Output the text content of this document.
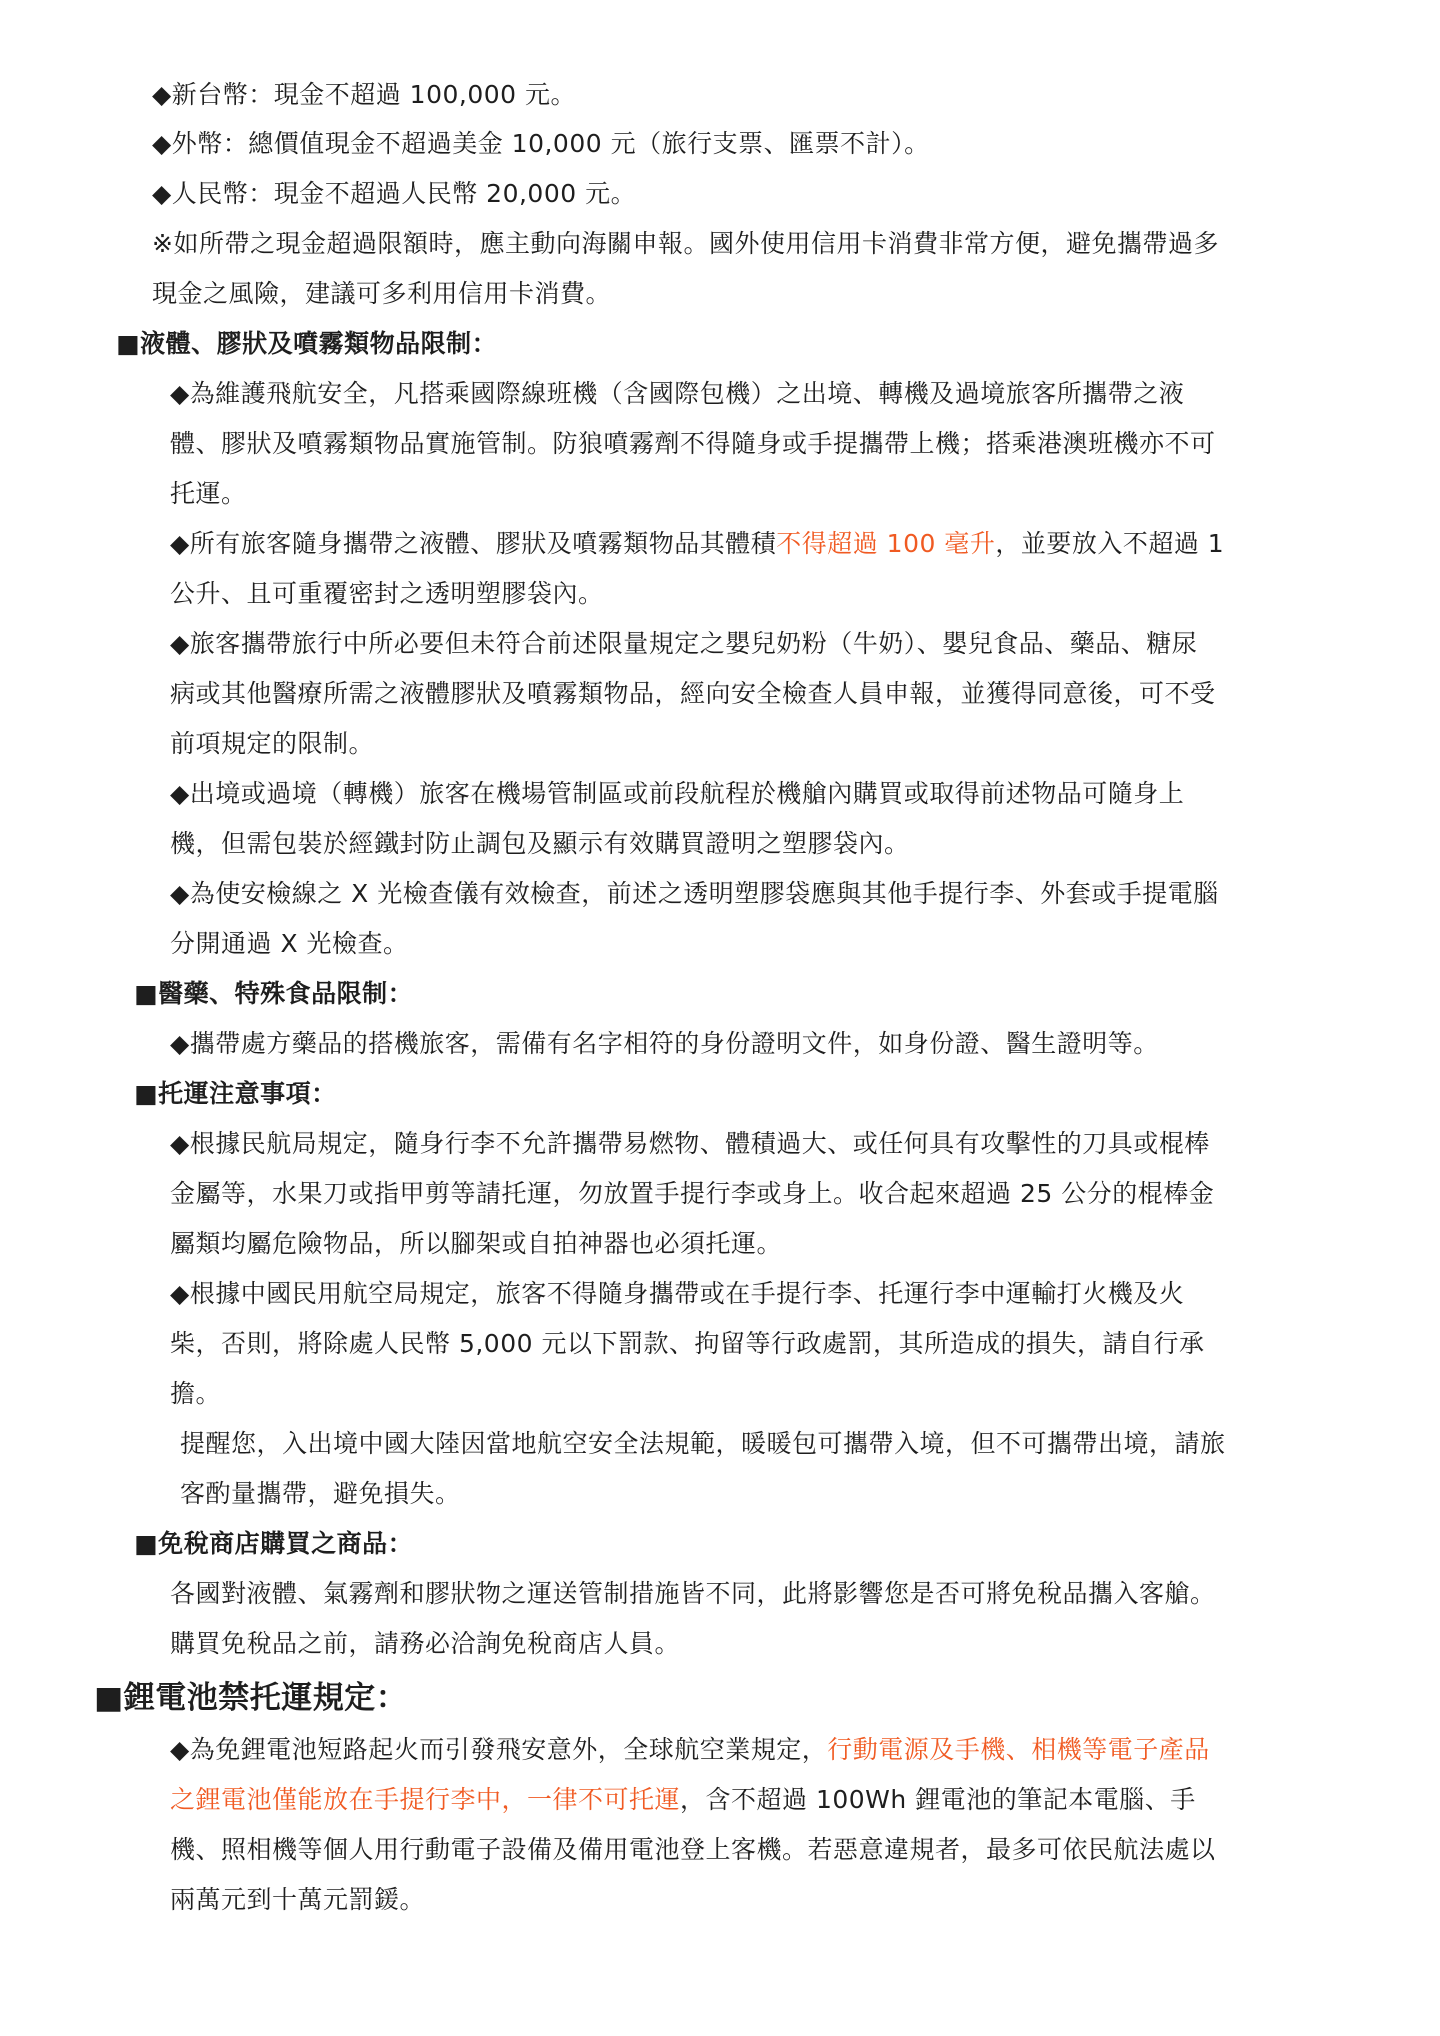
◆新台幣：現金不超過 100,000 元。
◆外幣：總價值現金不超過美金 10,000 元（旅行支票、匯票不計）。
◆人民幣：現金不超過人民幣 20,000 元。
※如所帶之現金超過限額時，應主動向海關申報。國外使用信用卡消費非常方便，避免攜帶過多
現金之風險，建議可多利用信用卡消費。
■液體、膠狀及噴霧類物品限制：
◆為維護飛航安全，凡搭乘國際線班機（含國際包機）之出境、轉機及過境旅客所攜帶之液
體、膠狀及噴霧類物品實施管制。防狼噴霧劑不得隨身或手提攜帶上機；搭乘港澳班機亦不可
托運。
◆所有旅客隨身攜帶之液體、膠狀及噴霧類物品其體積不得超過 100 毫升，並要放入不超過 1
公升、且可重覆密封之透明塑膠袋內。
◆旅客攜帶旅行中所必要但未符合前述限量規定之嬰兒奶粉（牛奶）、嬰兒食品、藥品、糖尿
病或其他醫療所需之液體膠狀及噴霧類物品，經向安全檢查人員申報，並獲得同意後，可不受
前項規定的限制。
◆出境或過境（轉機）旅客在機場管制區或前段航程於機艙內購買或取得前述物品可隨身上
機，但需包裝於經鐵封防止調包及顯示有效購買證明之塑膠袋內。
◆為使安檢線之 X 光檢查儀有效檢查，前述之透明塑膠袋應與其他手提行李、外套或手提電腦
分開通過 X 光檢查。
■醫藥、特殊食品限制：
◆攜帶處方藥品的搭機旅客，需備有名字相符的身份證明文件，如身份證、醫生證明等。
■托運注意事項：
◆根據民航局規定，隨身行李不允許攜帶易燃物、體積過大、或任何具有攻擊性的刀具或棍棒
金屬等，水果刀或指甲剪等請托運，勿放置手提行李或身上。收合起來超過 25 公分的棍棒金
屬類均屬危險物品，所以腳架或自拍神器也必須托運。
◆根據中國民用航空局規定，旅客不得隨身攜帶或在手提行李、托運行李中運輸打火機及火
柴，否則，將除處人民幣 5,000 元以下罰款、拘留等行政處罰，其所造成的損失，請自行承
擔。
提醒您，入出境中國大陸因當地航空安全法規範，暖暖包可攜帶入境，但不可攜帶出境，請旅
客酌量攜帶，避免損失。
■免稅商店購買之商品：
各國對液體、氣霧劑和膠狀物之運送管制措施皆不同，此將影響您是否可將免稅品攜入客艙。
購買免稅品之前，請務必洽詢免稅商店人員。
■鋰電池禁托運規定：
◆為免鋰電池短路起火而引發飛安意外，全球航空業規定，行動電源及手機、相機等電子產品
之鋰電池僅能放在手提行李中，一律不可托運，含不超過 100Wh 鋰電池的筆記本電腦、手
機、照相機等個人用行動電子設備及備用電池登上客機。若惡意違規者，最多可依民航法處以
兩萬元到十萬元罰鍰。
